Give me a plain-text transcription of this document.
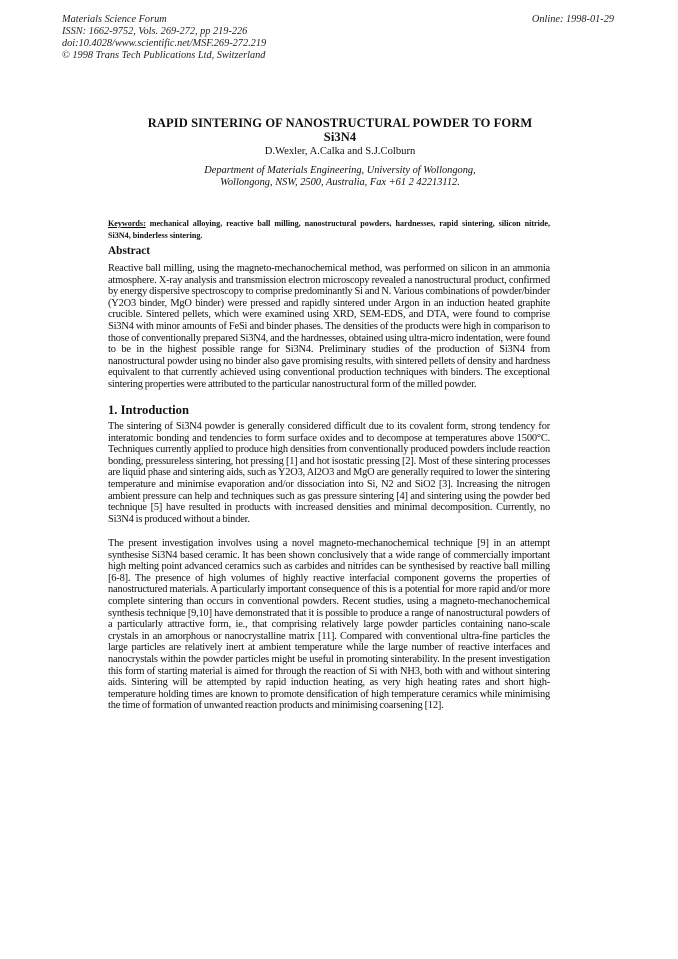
Materials Science Forum
ISSN: 1662-9752, Vols. 269-272, pp 219-226
doi:10.4028/www.scientific.net/MSF.269-272.219
© 1998 Trans Tech Publications Ltd, Switzerland
Online: 1998-01-29
RAPID SINTERING OF NANOSTRUCTURAL POWDER TO FORM
Si3N4
D.Wexler, A.Calka and S.J.Colburn
Department of Materials Engineering, University of Wollongong,
Wollongong, NSW, 2500, Australia, Fax +61 2 42213112.
Keywords: mechanical alloying, reactive ball milling, nanostructural powders, hardnesses, rapid sintering, silicon nitride, Si3N4, binderless sintering.
Abstract

Reactive ball milling, using the magneto-mechanochemical method, was performed on silicon in an ammonia atmosphere. X-ray analysis and transmission electron microscopy revealed a nanostructural product, confirmed by energy dispersive spectroscopy to comprise predominantly Si and N. Various combinations of powder/binder (Y2O3 binder, MgO binder) were pressed and rapidly sintered under Argon in an induction heated graphite crucible. Sintered pellets, which were examined using XRD, SEM-EDS, and DTA, were found to comprise Si3N4 with minor amounts of FeSi and binder phases. The densities of the products were high in comparison to those of conventionally prepared Si3N4, and the hardnesses, obtained using ultra-micro indentation, were found to be in the highest possible range for Si3N4. Preliminary studies of the production of Si3N4 from nanostructural powder using no binder also gave promising results, with sintered pellets of density and hardness equivalent to that currently achieved using conventional production techniques with binders. The exceptional sintering properties were attributed to the particular nanostructural form of the milled powder.

1. Introduction

The sintering of Si3N4 powder is generally considered difficult due to its covalent form, strong tendency for interatomic bonding and tendencies to form surface oxides and to decompose at temperatures above 1500°C. Techniques currently applied to produce high densities from conventionally produced powders include reaction bonding, pressureless sintering, hot pressing [1] and hot isostatic pressing [2]. Most of these sintering processes are liquid phase and sintering aids, such as Y2O3, Al2O3 and MgO are generally required to lower the sintering temperature and minimise evaporation and/or dissociation into Si, N2 and SiO2 [3]. Increasing the nitrogen ambient pressure can help and techniques such as gas pressure sintering [4] and sintering using the powder bed technique [5] have resulted in products with increased densities and minimal decomposition. Currently, no Si3N4 is produced without a binder.

The present investigation involves using a novel magneto-mechanochemical technique [9] in an attempt synthesise Si3N4 based ceramic. It has been shown conclusively that a wide range of commercially important high melting point advanced ceramics such as carbides and nitrides can be synthesised by reactive ball milling [6-8]. The presence of high volumes of highly reactive interfacial component governs the properties of nanostructured materials. A particularly important consequence of this is a potential for more rapid and/or more complete sintering than occurs in conventional powders. Recent studies, using a magneto-mechanochemical synthesis technique [9,10] have demonstrated that it is possible to produce a range of nanostructural powders of a particularly attractive form, ie., that comprising relatively large powder particles containing nano-scale crystals in an amorphous or nanocrystalline matrix [11]. Compared with conventional ultra-fine particles the large particles are relatively inert at ambient temperature while the large number of reactive interfaces and nanocrystals within the powder particles might be useful in promoting sinterability. In the present investigation this form of starting material is aimed for through the reaction of Si with NH3, both with and without sintering aids. Sintering will be attempted by rapid induction heating, as very high heating rates and short high-temperature holding times are known to promote densification of high temperature ceramics while minimising the time of formation of unwanted reaction products and minimising coarsening [12].
